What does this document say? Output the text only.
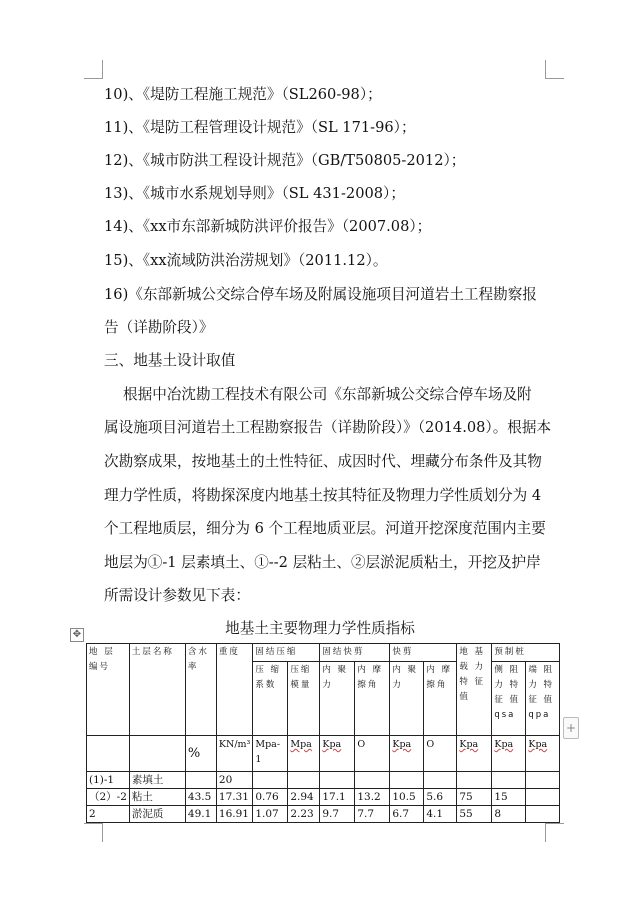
10)、《堤防工程施工规范》（SL260-98）；
11)、《堤防工程管理设计规范》（SL 171-96）；
12)、《城市防洪工程设计规范》（GB/T50805-2012）；
13)、《城市水系规划导则》（SL 431-2008）；
14)、《xx市东部新城防洪评价报告》（2007.08）；
15)、《xx流域防洪治涝规划》（2011.12）。
16)《东部新城公交综合停车场及附属设施项目河道岩土工程勘察报
告（详勘阶段）》
三、地基土设计取值
根据中冶沈勘工程技术有限公司《东部新城公交综合停车场及附
属设施项目河道岩土工程勘察报告（详勘阶段）》（2014.08）。根据本
次勘察成果，按地基土的土性特征、成因时代、埋藏分布条件及其物
理力学性质，将勘探深度内地基土按其特征及物理力学性质划分为 4
个工程地质层，细分为 6 个工程地质亚层。河道开挖深度范围内主要
地层为①-1 层素填土、①--2 层粘土、②层淤泥质粘土，开挖及护岸
所需设计参数见下表：
✥	地基土主要物理力学性质指标
地 层 编号	土层名称	含水率	重度	固结压缩		固结快剪		快剪		地 基 载 力 特 征 值	预制桩	
				压 缩 系数	压缩模量	内 聚 力	内 摩 擦角	内 聚 力	内 摩 擦角		侧 阻 力 特 征 值 qsa	端 阻 力 特 征 值 qpa
		%	KN/m³	Mpa-1	Mpa	Kpa	O	Kpa	O	Kpa	Kpa	Kpa
(1)-1	素填土		20									
（2）-2	粘土	43.5	17.31	0.76	2.94	17.1	13.2	10.5	5.6	75	15	
2	淤泥质	49.1	16.91	1.07	2.23	9.7	7.7	6.7	4.1	55	8	
+
